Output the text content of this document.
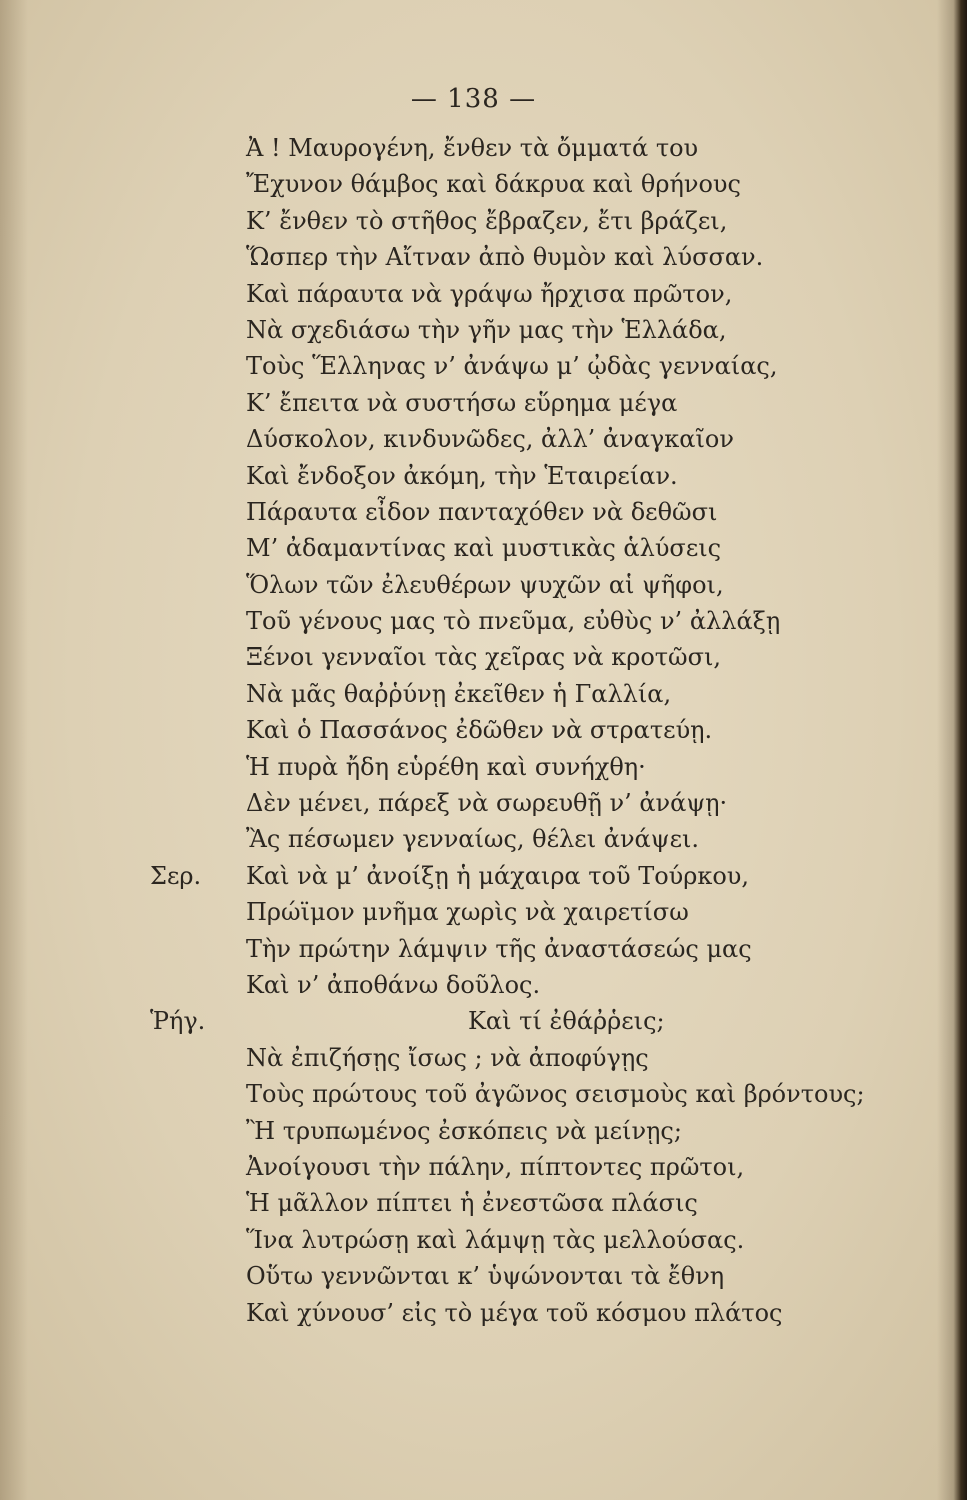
— 138 —
Ἀ ! Μαυρογένη, ἔνθεν τὰ ὄμματά του
Ἔχυνον θάμβος καὶ δάκρυα καὶ θρήνους
Κ’ ἔνθεν τὸ στῆθος ἔβραζεν, ἔτι βράζει,
Ὥσπερ τὴν Αἴτναν ἀπὸ θυμὸν καὶ λύσσαν.
Καὶ πάραυτα νὰ γράψω ἤρχισα πρῶτον,
Νὰ σχεδιάσω τὴν γῆν μας τὴν Ἑλλάδα,
Τοὺς Ἕλληνας ν’ ἀνάψω μ’ ᾠδὰς γενναίας,
Κ’ ἔπειτα νὰ συστήσω εὕρημα μέγα
Δύσκολον, κινδυνῶδες, ἀλλ’ ἀναγκαῖον
Καὶ ἔνδοξον ἀκόμη, τὴν Ἑταιρείαν.
Πάραυτα εἶδον πανταχόθεν νὰ δεθῶσι
Μ’ ἀδαμαντίνας καὶ μυστικὰς ἁλύσεις
Ὅλων τῶν ἐλευθέρων ψυχῶν αἱ ψῆφοι,
Τοῦ γένους μας τὸ πνεῦμα, εὐθὺς ν’ ἀλλάξῃ
Ξένοι γενναῖοι τὰς χεῖρας νὰ κροτῶσι,
Νὰ μᾶς θαῤῥύνῃ ἐκεῖθεν ἡ Γαλλία,
Καὶ ὁ Πασσάνος ἐδῶθεν νὰ στρατεύῃ.
Ἡ πυρὰ ἤδη εὑρέθη καὶ συνήχθη·
Δὲν μένει, πάρεξ νὰ σωρευθῇ ν’ ἀνάψῃ·
Ἂς πέσωμεν γενναίως, θέλει ἀνάψει.
Σερ. Καὶ νὰ μ’ ἀνοίξῃ ἡ μάχαιρα τοῦ Τούρκου,
Πρώϊμον μνῆμα χωρὶς νὰ χαιρετίσω
Τὴν πρώτην λάμψιν τῆς ἀναστάσεώς μας
Καὶ ν’ ἀποθάνω δοῦλος.
Ῥήγ.	Καὶ τί ἐθάῤῥεις;
Νὰ ἐπιζήσῃς ἴσως ; νὰ ἀποφύγῃς
Τοὺς πρώτους τοῦ ἀγῶνος σεισμοὺς καὶ βρόντους;
Ἢ τρυπωμένος ἐσκόπεις νὰ μείνῃς;
Ἀνοίγουσι τὴν πάλην, πίπτοντες πρῶτοι,
Ἡ μᾶλλον πίπτει ἡ ἐνεστῶσα πλάσις
Ἵνα λυτρώσῃ καὶ λάμψῃ τὰς μελλούσας.
Οὕτω γεννῶνται κ’ ὑψώνονται τὰ ἔθνη
Καὶ χύνουσ’ εἰς τὸ μέγα τοῦ κόσμου πλάτος
